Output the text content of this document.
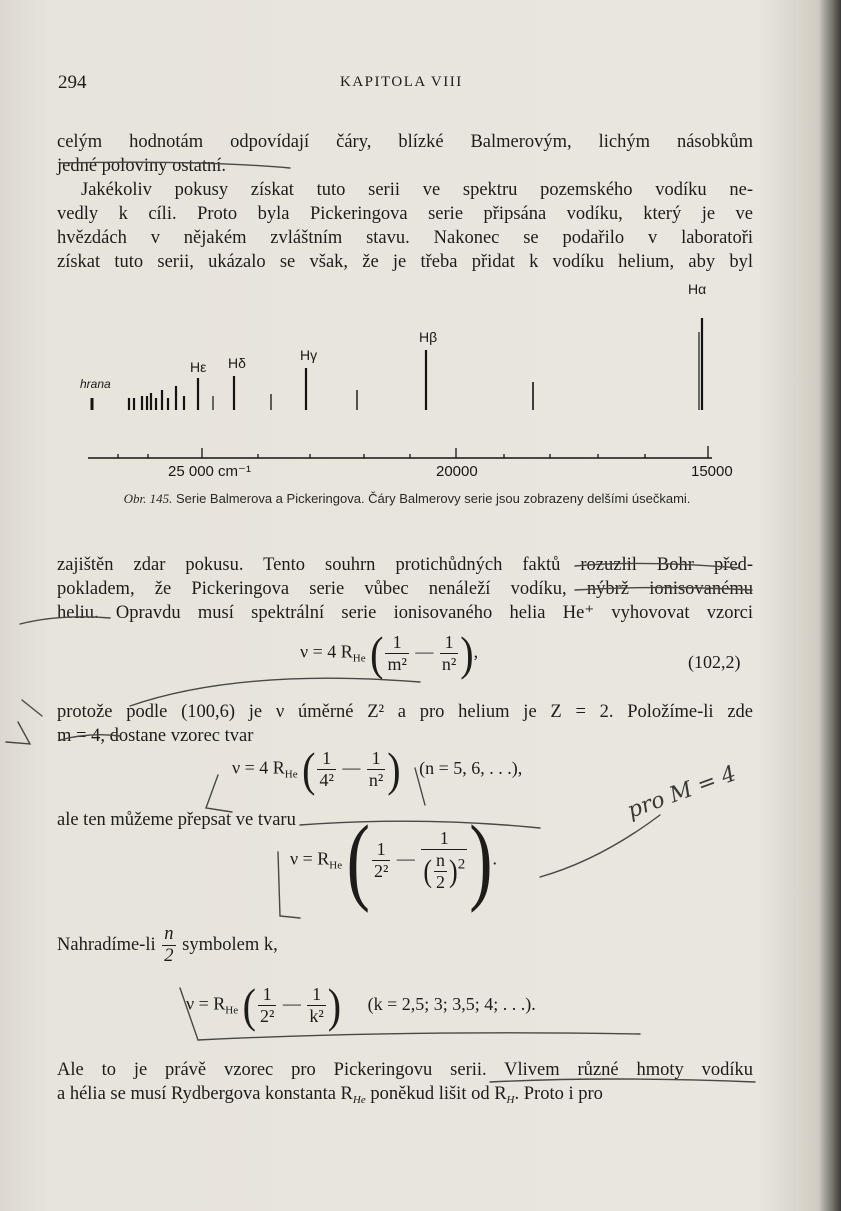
294	KAPITOLA VIII

celým hodnotám odpovídají čáry, blízké Balmerovým, lichým násobkům
jedné poloviny ostatní.
Jakékoliv pokusy získat tuto serii ve spektru pozemského vodíku ne-
vedly k cíli. Proto byla Pickeringova serie připsána vodíku, který je ve
hvězdách v nějakém zvláštním stavu. Nakonec se podařilo v laboratoři
získat tuto serii, ukázalo se však, že je třeba přidat k vodíku helium, aby byl

Hα
Hβ
Hγ
Hδ
Hε
hrana
25 000 cm⁻¹	20000	15000
Obr. 145. Serie Balmerova a Pickeringova. Čáry Balmerovy serie jsou zobrazeny delšími úsečkami.

zajištěn zdar pokusu. Tento souhrn protichůdných faktů rozuzlil Bohr před-
pokladem, že Pickeringova serie vůbec nenáleží vodíku, nýbrž ionisovanému
heliu. Opravdu musí spektrální serie ionisovaného helia He⁺ vyhovovat vzorci

ν = 4 $R_{He}$ ( $\frac{1}{\text{m²}}$ — $\frac{1}{\text{n²}}$ ),
(102,2)

protože podle (100,6) je ν úměrné Z² a pro helium je Z = 2. Položíme-li zde
m = 4, dostane vzorec tvar

ν = 4 $R_{He}$ ( $\frac{1}{\text{4²}}$ — $\frac{1}{\text{n²}}$ ) (n = 5, 6, . . .),

ale ten můžeme přepsat ve tvaru

$\nu = R_{He}$ ( $\frac{1}{\text{2²}}$ — $\frac{1}{( \frac{n}{2} )^2}$ ).
Nahradíme-li $\frac{n}{2}$ symbolem k,
$\nu = R_{He}$ ( $\frac{1}{\text{2²}}$ — $\frac{1}{\text{k²}}$ ) (k = 2,5; 3; 3,5; 4; . . .).

Ale to je právě vzorec pro Pickeringovu serii. Vlivem různé hmoty vodíku
a hélia se musí Rydbergova konstanta $R_{He}$ poněkud lišit od $R_H$. Proto i pro

pro M = 4
